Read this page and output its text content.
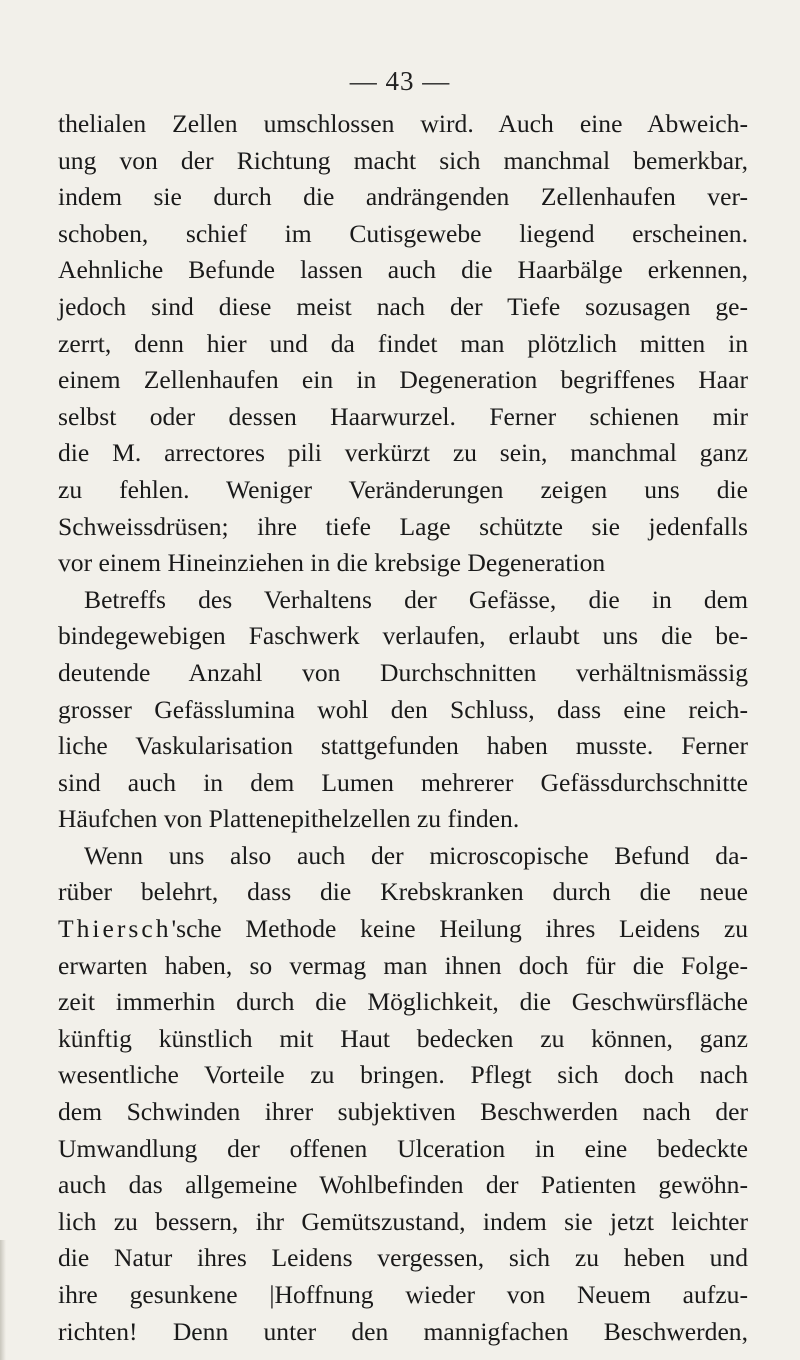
— 43 —
thelialen Zellen umschlossen wird. Auch eine Abweich-
ung von der Richtung macht sich manchmal bemerkbar,
indem sie durch die andrängenden Zellenhaufen ver-
schoben, schief im Cutisgewebe liegend erscheinen.
Aehnliche Befunde lassen auch die Haarbälge erkennen,
jedoch sind diese meist nach der Tiefe sozusagen ge-
zerrt, denn hier und da findet man plötzlich mitten in
einem Zellenhaufen ein in Degeneration begriffenes Haar
selbst oder dessen Haarwurzel. Ferner schienen mir
die M. arrectores pili verkürzt zu sein, manchmal ganz
zu fehlen. Weniger Veränderungen zeigen uns die
Schweissdrüsen; ihre tiefe Lage schützte sie jedenfalls
vor einem Hineinziehen in die krebsige Degeneration
Betreffs des Verhaltens der Gefässe, die in dem
bindegewebigen Faschwerk verlaufen, erlaubt uns die be-
deutende Anzahl von Durchschnitten verhältnismässig
grosser Gefässlumina wohl den Schluss, dass eine reich-
liche Vaskularisation stattgefunden haben musste. Ferner
sind auch in dem Lumen mehrerer Gefässdurchschnitte
Häufchen von Plattenepithelzellen zu finden.
Wenn uns also auch der microscopische Befund da-
rüber belehrt, dass die Krebskranken durch die neue
Thiersch'sche Methode keine Heilung ihres Leidens zu
erwarten haben, so vermag man ihnen doch für die Folge-
zeit immerhin durch die Möglichkeit, die Geschwürsfläche
künftig künstlich mit Haut bedecken zu können, ganz
wesentliche Vorteile zu bringen. Pflegt sich doch nach
dem Schwinden ihrer subjektiven Beschwerden nach der
Umwandlung der offenen Ulceration in eine bedeckte
auch das allgemeine Wohlbefinden der Patienten gewöhn-
lich zu bessern, ihr Gemütszustand, indem sie jetzt leichter
die Natur ihres Leidens vergessen, sich zu heben und
ihre gesunkene |Hoffnung wieder von Neuem aufzu-
richten! Denn unter den mannigfachen Beschwerden,
